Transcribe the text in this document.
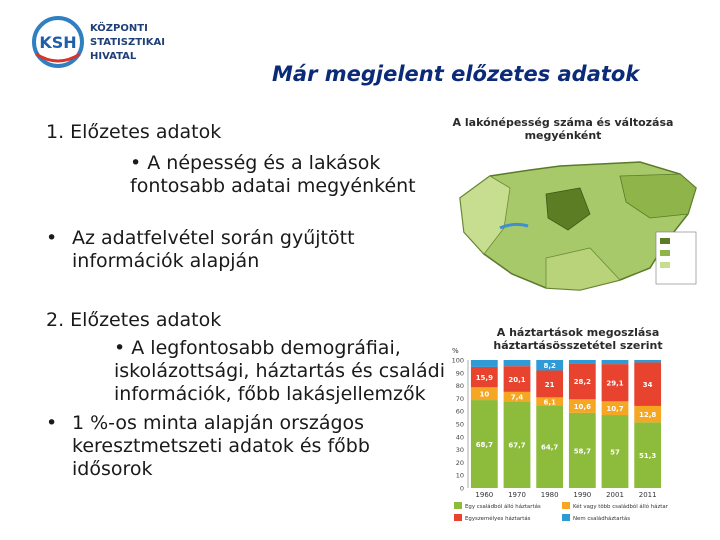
KSH
KÖZPONTI
STATISZTIKAI
HIVATAL
Már megjelent előzetes adatok
1. Előzetes adatok
• A népesség és a lakások fontosabb adatai megyénként
• Az adatfelvétel során gyűjtött információk alapján
2. Előzetes adatok
• A legfontosabb demográfiai, iskolázottsági, háztartás és családi információk, főbb lakásjellemzők
• 1 %-os minta alapján országos keresztmetszeti adatok és főbb idősorok
A lakónépesség száma és változása megyénként
A háztartások megoszlása háztartásösszetétel szerint
%
0
10
20
30
40
50
60
70
80
90
100
68,7
10
15,9
1960
67,7
7,4
20,1
1970
64,7
6,1
21
8,2
1980
58,7
10,6
28,2
1990
57
10,7
29,1
2001
51,3
12,8
34
2011
Egy családból álló háztartás	Két vagy több családból álló háztartás
Egyszemélyes háztartás	Nem családháztartás
